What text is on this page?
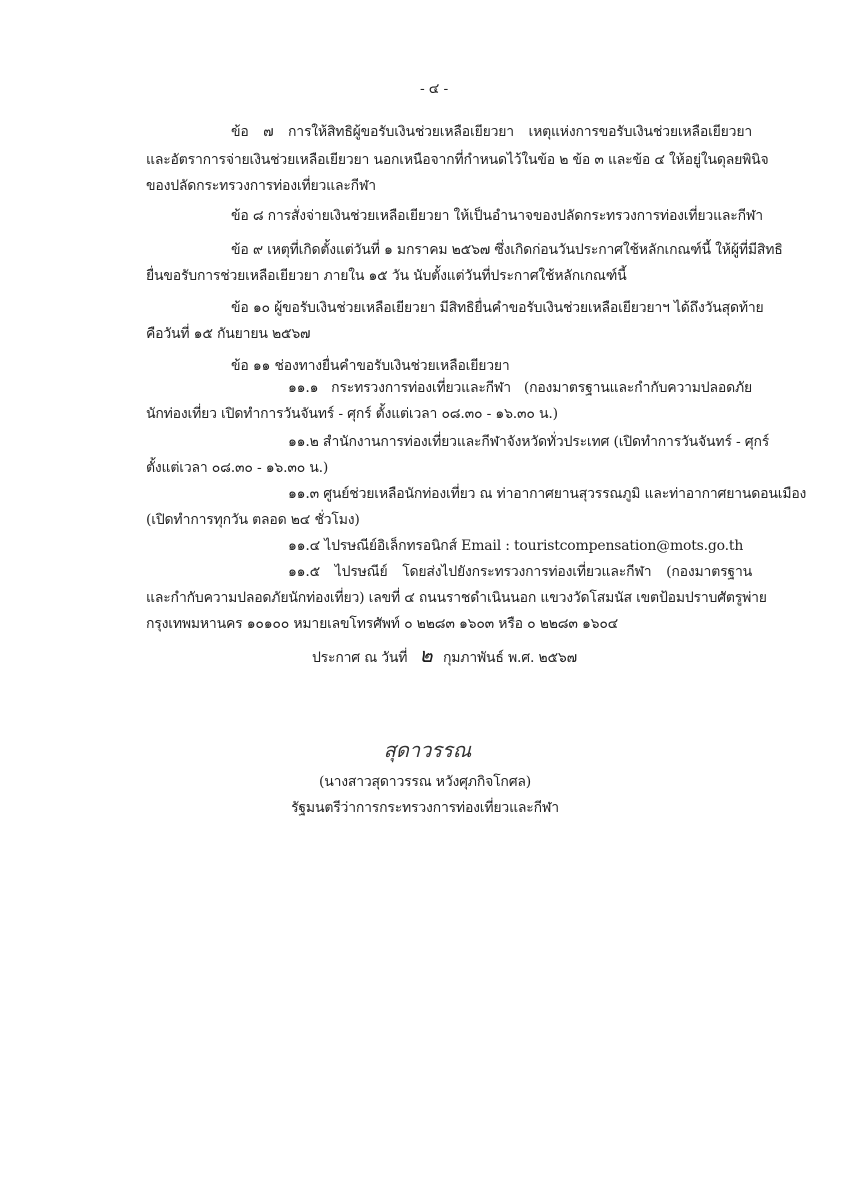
- ๔ -
ข้อ ๗ การให้สิทธิผู้ขอรับเงินช่วยเหลือเยียวยา เหตุแห่งการขอรับเงินช่วยเหลือเยียวยา
และอัตราการจ่ายเงินช่วยเหลือเยียวยา นอกเหนือจากที่กำหนดไว้ในข้อ ๒ ข้อ ๓ และข้อ ๔ ให้อยู่ในดุลยพินิจ
ของปลัดกระทรวงการท่องเที่ยวและกีฬา
ข้อ ๘ การสั่งจ่ายเงินช่วยเหลือเยียวยา ให้เป็นอำนาจของปลัดกระทรวงการท่องเที่ยวและกีฬา
ข้อ ๙ เหตุที่เกิดตั้งแต่วันที่ ๑ มกราคม ๒๕๖๗ ซึ่งเกิดก่อนวันประกาศใช้หลักเกณฑ์นี้ ให้ผู้ที่มีสิทธิ
ยื่นขอรับการช่วยเหลือเยียวยา ภายใน ๑๕ วัน นับตั้งแต่วันที่ประกาศใช้หลักเกณฑ์นี้
ข้อ ๑๐ ผู้ขอรับเงินช่วยเหลือเยียวยา มีสิทธิยื่นคำขอรับเงินช่วยเหลือเยียวยาฯ ได้ถึงวันสุดท้าย
คือวันที่ ๑๕ กันยายน ๒๕๖๗
ข้อ ๑๑ ช่องทางยื่นคำขอรับเงินช่วยเหลือเยียวยา
๑๑.๑ กระทรวงการท่องเที่ยวและกีฬา (กองมาตรฐานและกำกับความปลอดภัย
นักท่องเที่ยว เปิดทำการวันจันทร์ - ศุกร์ ตั้งแต่เวลา ๐๘.๓๐ - ๑๖.๓๐ น.)
๑๑.๒ สำนักงานการท่องเที่ยวและกีฬาจังหวัดทั่วประเทศ (เปิดทำการวันจันทร์ - ศุกร์
ตั้งแต่เวลา ๐๘.๓๐ - ๑๖.๓๐ น.)
๑๑.๓ ศูนย์ช่วยเหลือนักท่องเที่ยว ณ ท่าอากาศยานสุวรรณภูมิ และท่าอากาศยานดอนเมือง
(เปิดทำการทุกวัน ตลอด ๒๔ ชั่วโมง)
๑๑.๔ ไปรษณีย์อิเล็กทรอนิกส์ Email : touristcompensation@mots.go.th
๑๑.๕ ไปรษณีย์ โดยส่งไปยังกระทรวงการท่องเที่ยวและกีฬา (กองมาตรฐาน
และกำกับความปลอดภัยนักท่องเที่ยว) เลขที่ ๔ ถนนราชดำเนินนอก แขวงวัดโสมนัส เขตป้อมปราบศัตรูพ่าย
กรุงเทพมหานคร ๑๐๑๐๐ หมายเลขโทรศัพท์ ๐ ๒๒๘๓ ๑๖๐๓ หรือ ๐ ๒๒๘๓ ๑๖๐๔
ประกาศ ณ วันที่ ๒ กุมภาพันธ์ พ.ศ. ๒๕๖๗
สุดาวรรณ
(นางสาวสุดาวรรณ หวังศุภกิจโกศล)
รัฐมนตรีว่าการกระทรวงการท่องเที่ยวและกีฬา
